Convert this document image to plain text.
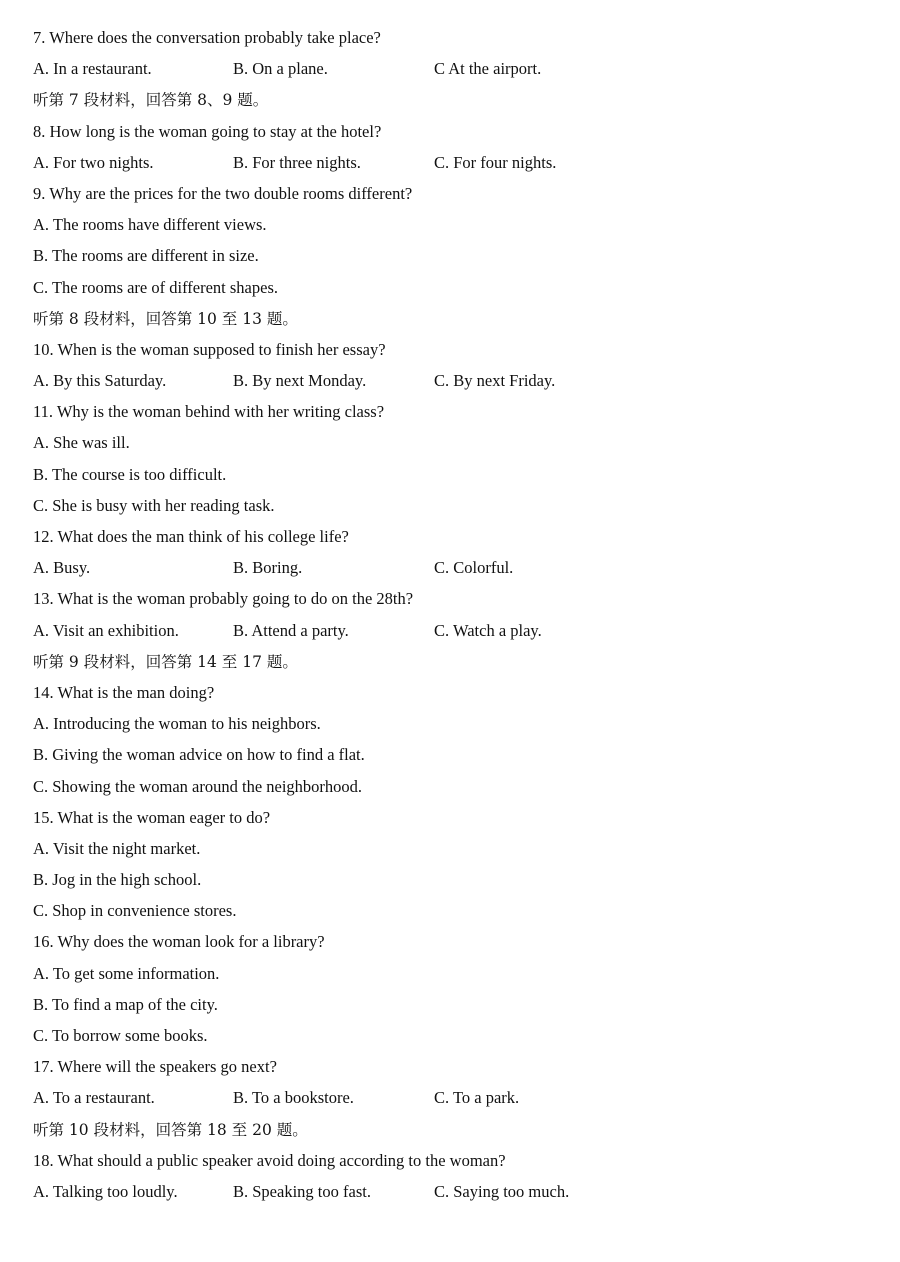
7. Where does the conversation probably take place?
A. In a restaurant.	B. On a plane.	C At the airport.
听第 7 段材料，回答第 8、9 题。
8. How long is the woman going to stay at the hotel?
A. For two nights.	B. For three nights.	C. For four nights.
9. Why are the prices for the two double rooms different?
A. The rooms have different views.
B. The rooms are different in size.
C. The rooms are of different shapes.
听第 8 段材料，回答第 10 至 13 题。
10. When is the woman supposed to finish her essay?
A. By this Saturday.	B. By next Monday.	C. By next Friday.
11. Why is the woman behind with her writing class?
A. She was ill.
B. The course is too difficult.
C. She is busy with her reading task.
12. What does the man think of his college life?
A. Busy.	B. Boring.	C. Colorful.
13. What is the woman probably going to do on the 28th?
A. Visit an exhibition.	B. Attend a party.	C. Watch a play.
听第 9 段材料，回答第 14 至 17 题。
14. What is the man doing?
A. Introducing the woman to his neighbors.
B. Giving the woman advice on how to find a flat.
C. Showing the woman around the neighborhood.
15. What is the woman eager to do?
A. Visit the night market.
B. Jog in the high school.
C. Shop in convenience stores.
16. Why does the woman look for a library?
A. To get some information.
B. To find a map of the city.
C. To borrow some books.
17. Where will the speakers go next?
A. To a restaurant.	B. To a bookstore.	C. To a park.
听第 10 段材料，回答第 18 至 20 题。
18. What should a public speaker avoid doing according to the woman?
A. Talking too loudly.	B. Speaking too fast.	C. Saying too much.
